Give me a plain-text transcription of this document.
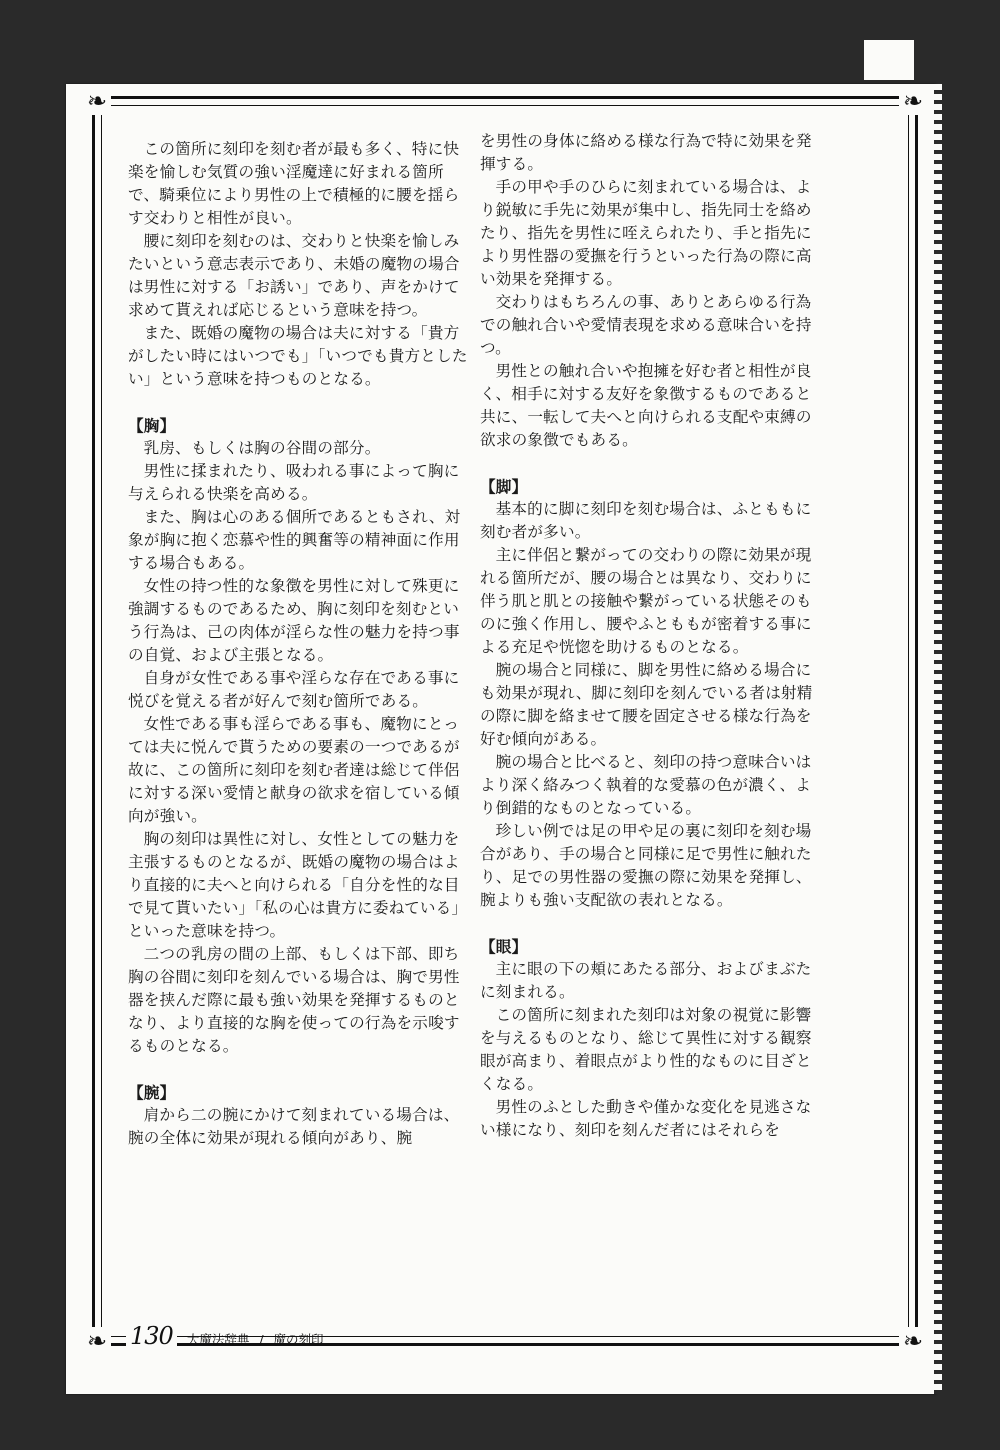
❧	❧
❧	❧

この箇所に刻印を刻む者が最も多く、特に快楽を愉しむ気質の強い淫魔達に好まれる箇所で、騎乗位により男性の上で積極的に腰を揺らす交わりと相性が良い。

腰に刻印を刻むのは、交わりと快楽を愉しみたいという意志表示であり、未婚の魔物の場合は男性に対する「お誘い」であり、声をかけて求めて貰えれば応じるという意味を持つ。

また、既婚の魔物の場合は夫に対する「貴方がしたい時にはいつでも」「いつでも貴方としたい」という意味を持つものとなる。

【胸】

乳房、もしくは胸の谷間の部分。

男性に揉まれたり、吸われる事によって胸に与えられる快楽を高める。

また、胸は心のある個所であるともされ、対象が胸に抱く恋慕や性的興奮等の精神面に作用する場合もある。

女性の持つ性的な象徴を男性に対して殊更に強調するものであるため、胸に刻印を刻むという行為は、己の肉体が淫らな性の魅力を持つ事の自覚、および主張となる。

自身が女性である事や淫らな存在である事に悦びを覚える者が好んで刻む箇所である。

女性である事も淫らである事も、魔物にとっては夫に悦んで貰うための要素の一つであるが故に、この箇所に刻印を刻む者達は総じて伴侶に対する深い愛情と献身の欲求を宿している傾向が強い。

胸の刻印は異性に対し、女性としての魅力を主張するものとなるが、既婚の魔物の場合はより直接的に夫へと向けられる「自分を性的な目で見て貰いたい」「私の心は貴方に委ねている」といった意味を持つ。

二つの乳房の間の上部、もしくは下部、即ち胸の谷間に刻印を刻んでいる場合は、胸で男性器を挟んだ際に最も強い効果を発揮するものとなり、より直接的な胸を使っての行為を示唆するものとなる。

【腕】

肩から二の腕にかけて刻まれている場合は、腕の全体に効果が現れる傾向があり、腕

を男性の身体に絡める様な行為で特に効果を発揮する。

手の甲や手のひらに刻まれている場合は、より鋭敏に手先に効果が集中し、指先同士を絡めたり、指先を男性に咥えられたり、手と指先により男性器の愛撫を行うといった行為の際に高い効果を発揮する。

交わりはもちろんの事、ありとあらゆる行為での触れ合いや愛情表現を求める意味合いを持つ。

男性との触れ合いや抱擁を好む者と相性が良く、相手に対する友好を象徴するものであると共に、一転して夫へと向けられる支配や束縛の欲求の象徴でもある。

【脚】

基本的に脚に刻印を刻む場合は、ふとももに刻む者が多い。

主に伴侶と繋がっての交わりの際に効果が現れる箇所だが、腰の場合とは異なり、交わりに伴う肌と肌との接触や繋がっている状態そのものに強く作用し、腰やふとももが密着する事による充足や恍惚を助けるものとなる。

腕の場合と同様に、脚を男性に絡める場合にも効果が現れ、脚に刻印を刻んでいる者は射精の際に脚を絡ませて腰を固定させる様な行為を好む傾向がある。

腕の場合と比べると、刻印の持つ意味合いはより深く絡みつく執着的な愛慕の色が濃く、より倒錯的なものとなっている。

珍しい例では足の甲や足の裏に刻印を刻む場合があり、手の場合と同様に足で男性に触れたり、足での男性器の愛撫の際に効果を発揮し、腕よりも強い支配欲の表れとなる。

【眼】

主に眼の下の頬にあたる部分、およびまぶたに刻まれる。

この箇所に刻まれた刻印は対象の視覚に影響を与えるものとなり、総じて異性に対する観察眼が高まり、着眼点がより性的なものに目ざとくなる。

男性のふとした動きや僅かな変化を見逃さない様になり、刻印を刻んだ者にはそれらを

130	大魔法辞典 / 魔の刻印
